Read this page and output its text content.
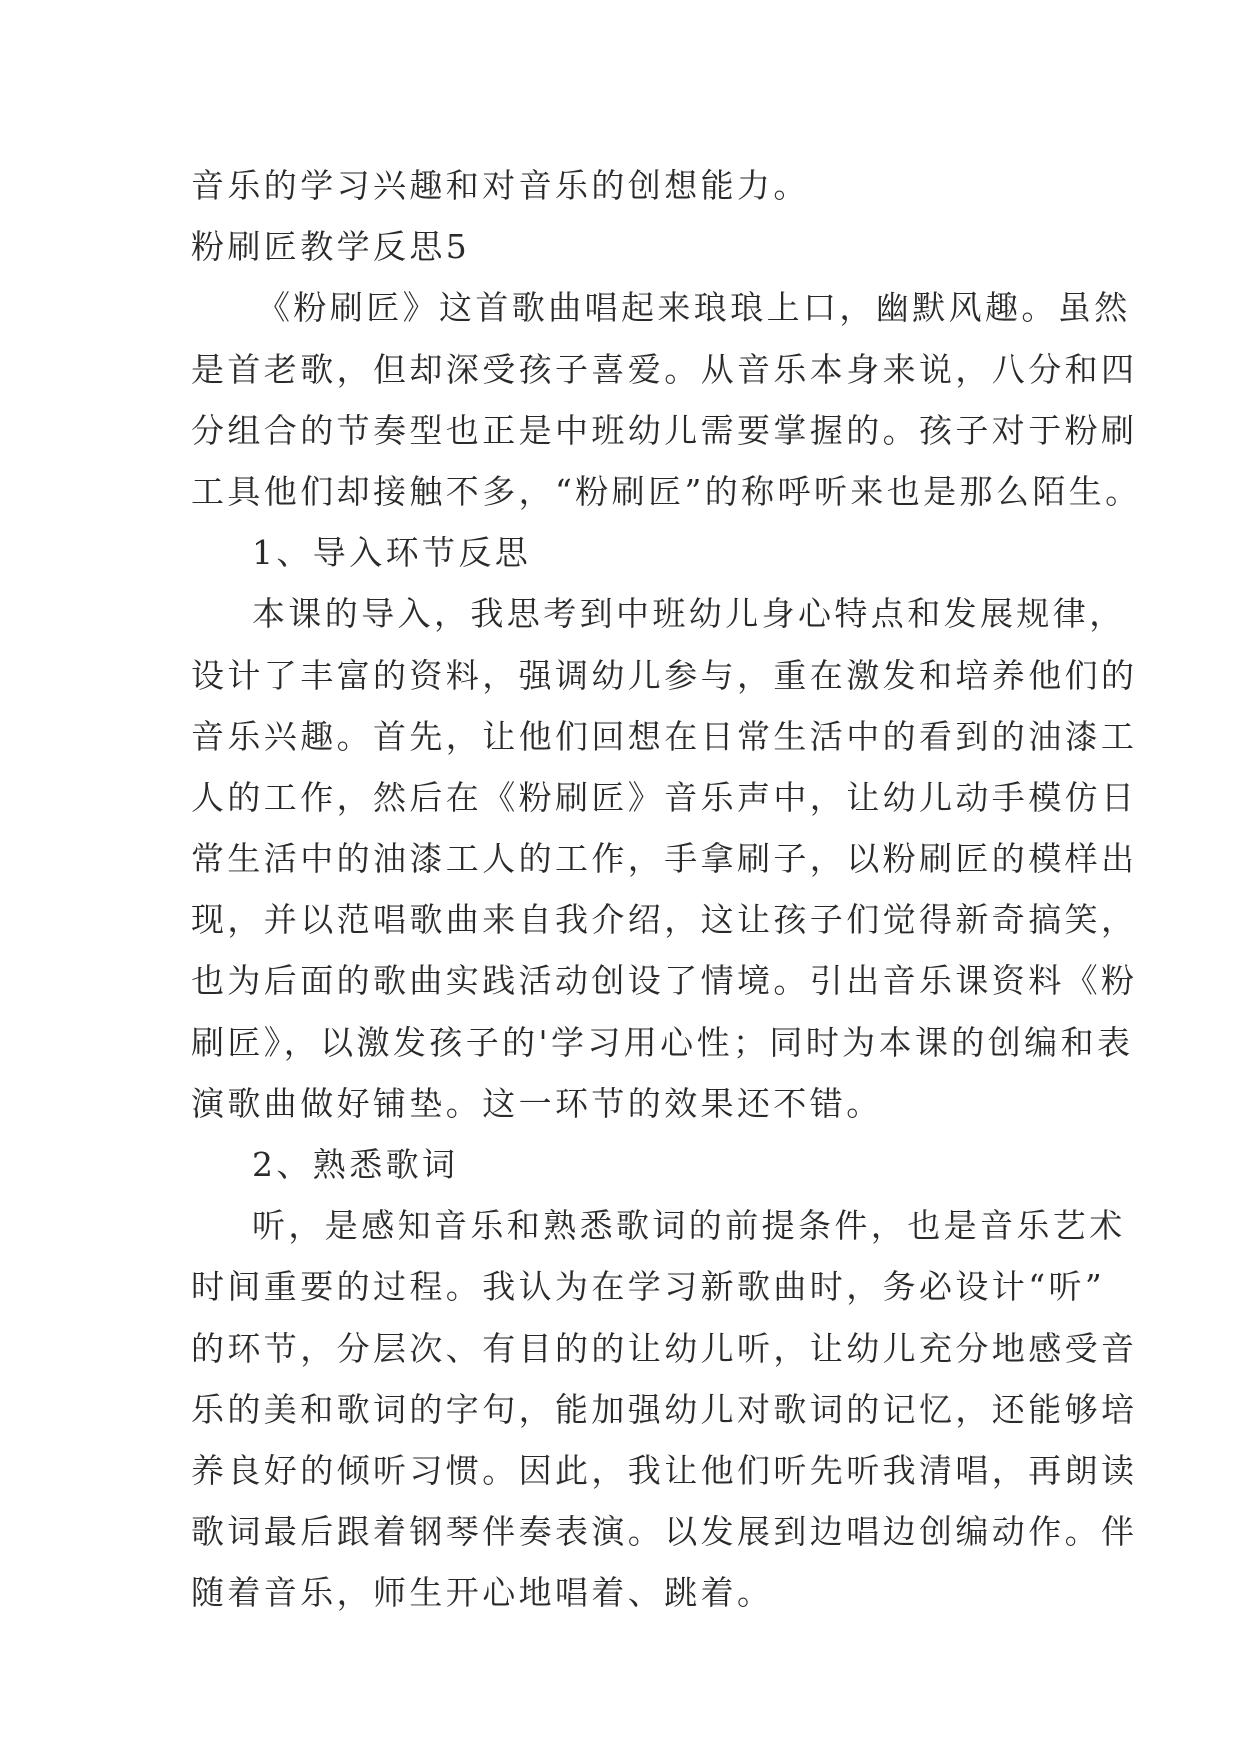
音乐的学习兴趣和对音乐的创想能力。
粉刷匠教学反思5
《粉刷匠》这首歌曲唱起来琅琅上口，幽默风趣。虽然
是首老歌，但却深受孩子喜爱。从音乐本身来说，八分和四
分组合的节奏型也正是中班幼儿需要掌握的。孩子对于粉刷
工具他们却接触不多，“粉刷匠”的称呼听来也是那么陌生。
1、导入环节反思
本课的导入，我思考到中班幼儿身心特点和发展规律，
设计了丰富的资料，强调幼儿参与，重在激发和培养他们的
音乐兴趣。首先，让他们回想在日常生活中的看到的油漆工
人的工作，然后在《粉刷匠》音乐声中，让幼儿动手模仿日
常生活中的油漆工人的工作，手拿刷子，以粉刷匠的模样出
现，并以范唱歌曲来自我介绍，这让孩子们觉得新奇搞笑，
也为后面的歌曲实践活动创设了情境。引出音乐课资料《粉
刷匠》，以激发孩子的'学习用心性；同时为本课的创编和表
演歌曲做好铺垫。这一环节的效果还不错。
2、熟悉歌词
听，是感知音乐和熟悉歌词的前提条件，也是音乐艺术
时间重要的过程。我认为在学习新歌曲时，务必设计“听”
的环节，分层次、有目的的让幼儿听，让幼儿充分地感受音
乐的美和歌词的字句，能加强幼儿对歌词的记忆，还能够培
养良好的倾听习惯。因此，我让他们听先听我清唱，再朗读
歌词最后跟着钢琴伴奏表演。以发展到边唱边创编动作。伴
随着音乐，师生开心地唱着、跳着。
